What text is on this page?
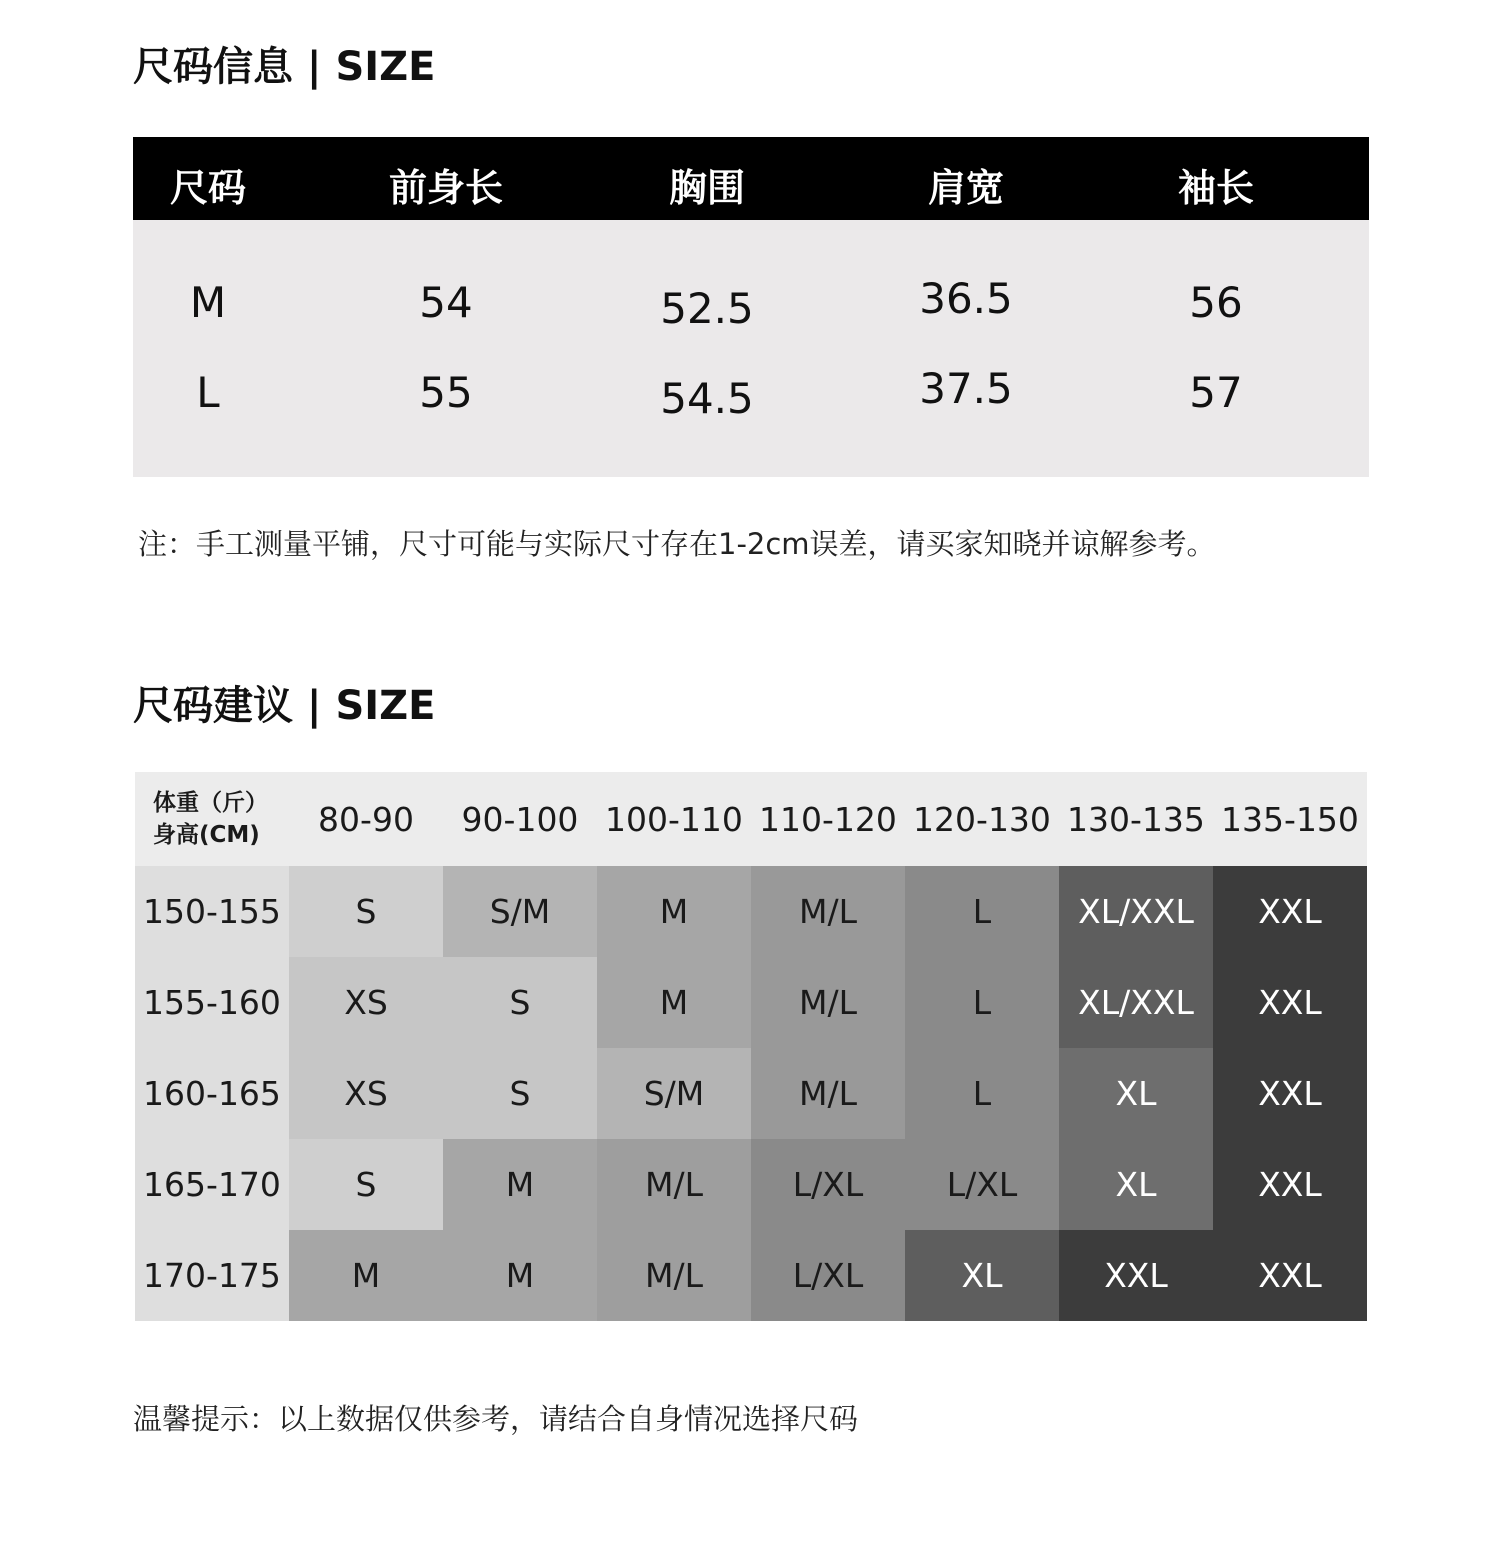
尺码信息 | SIZE
尺码	前身长	胸围	肩宽	袖长
M	54	52.5	36.5	56
L	55	54.5	37.5	57

注：手工测量平铺，尺寸可能与实际尺寸存在1-2cm误差，请买家知晓并谅解参考。

尺码建议 | SIZE
体重（斤）
身高(CM)	80-90	90-100 100-110 110-120 120-130 130-135 135-150
150-155	S	S/M	M	M/L	L	XL/XXL	XXL
155-160	XS	S	M	M/L	L	XL/XXL	XXL
160-165	XS	S	S/M	M/L	L	XL	XXL
165-170	S	M	M/L	L/XL	L/XL	XL	XXL
170-175	M	M	M/L	L/XL	XL	XXL	XXL

温馨提示：以上数据仅供参考，请结合自身情况选择尺码
